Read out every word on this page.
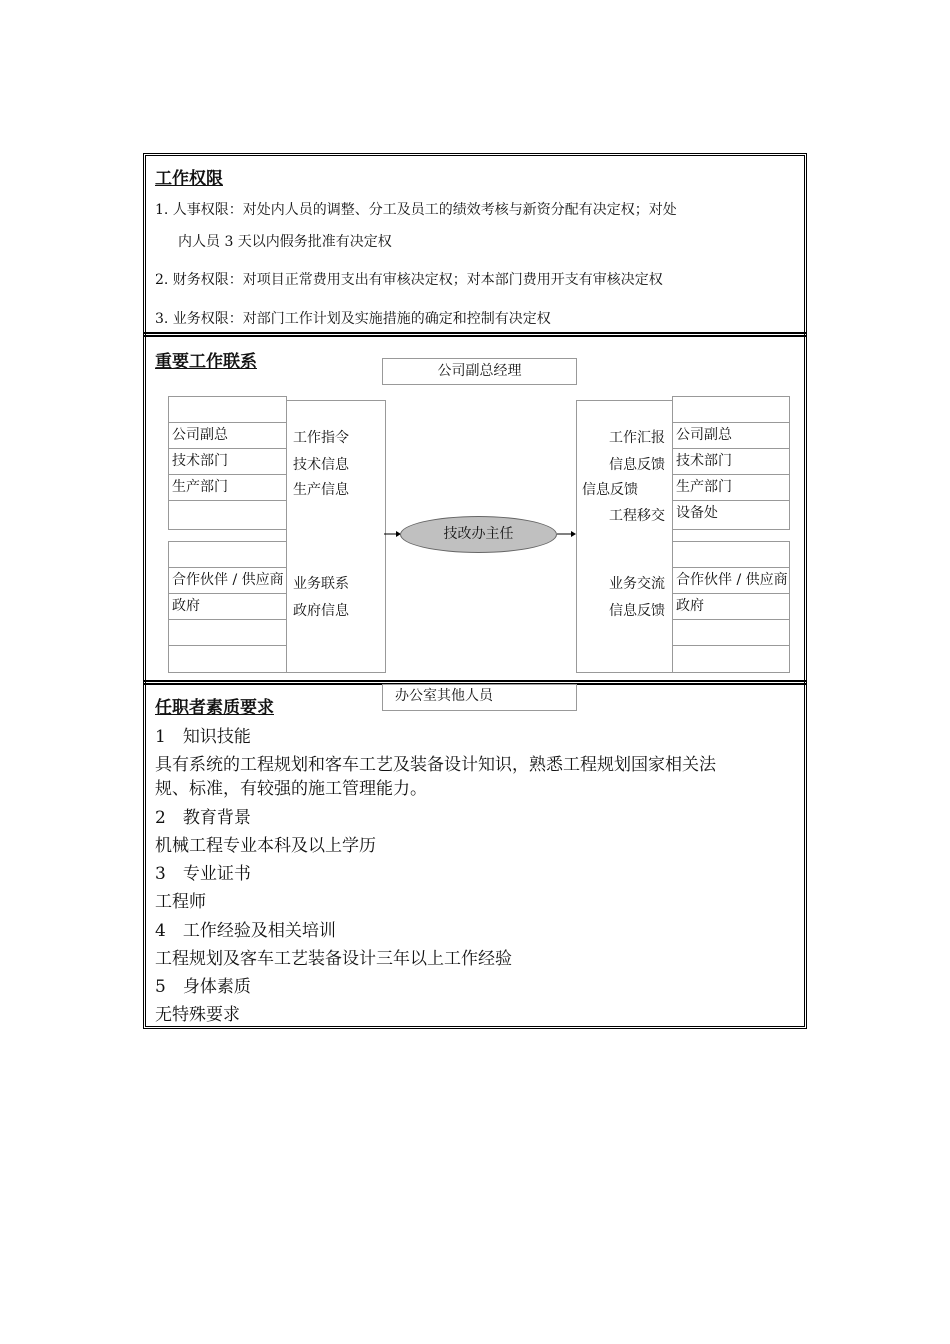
工作权限
1. 人事权限：对处内人员的调整、分工及员工的绩效考核与新资分配有决定权；对处
内人员 3 天以内假务批准有决定权
2. 财务权限：对项目正常费用支出有审核决定权；对本部门费用开支有审核决定权
3. 业务权限：对部门工作计划及实施措施的确定和控制有决定权
重要工作联系	公司副总经理
公司副总
技术部门
生产部门
工作指令
技术信息
生产信息
合作伙伴 / 供应商
政府
业务联系
政府信息
技改办主任
公司副总
技术部门
生产部门
设备处
工作汇报
信息反馈
信息反馈
工程移交
合作伙伴 / 供应商
政府
业务交流
信息反馈
办公室其他人员
任职者素质要求
1　知识技能
具有系统的工程规划和客车工艺及装备设计知识，熟悉工程规划国家相关法
规、标准，有较强的施工管理能力。
2　教育背景
机械工程专业本科及以上学历
3　专业证书
工程师
4　工作经验及相关培训
工程规划及客车工艺装备设计三年以上工作经验
5　身体素质
无特殊要求
